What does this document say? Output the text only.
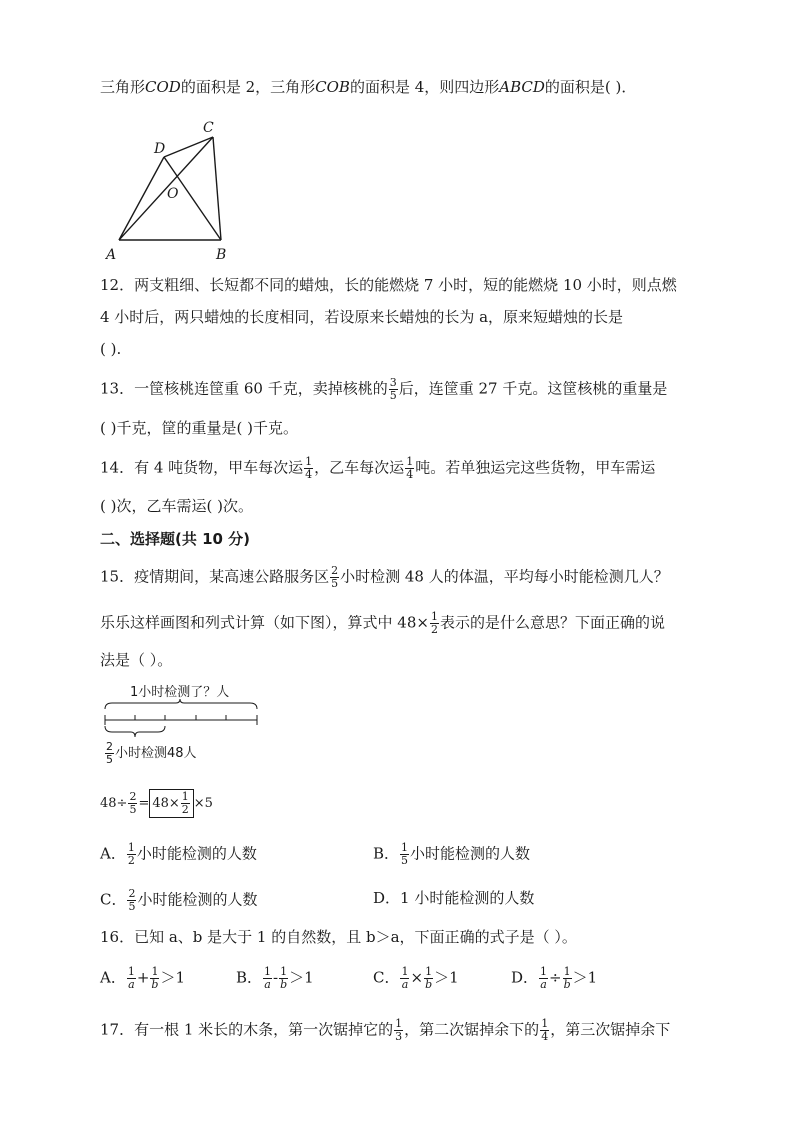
三角形COD的面积是 2，三角形COB的面积是 4，则四边形ABCD的面积是( )．
A	B
C
D
O
12．两支粗细、长短都不同的蜡烛，长的能燃烧 7 小时，短的能燃烧 10 小时，则点燃
4 小时后，两只蜡烛的长度相同，若设原来长蜡烛的长为 a，原来短蜡烛的长是
( ).
13．一筐核桃连筐重 60 千克，卖掉核桃的 $\frac{3}{5}$ 后，连筐重 27 千克。这筐核桃的重量是
( )千克，筐的重量是( )千克。
14．有 4 吨货物，甲车每次运 $\frac{1}{4}$ ，乙车每次运 $\frac{1}{4}$ 吨。若单独运完这些货物，甲车需运
( )次，乙车需运( )次。
二、选择题(共 10 分)
15．疫情期间，某高速公路服务区 $\frac{2}{5}$ 小时检测 48 人的体温，平均每小时能检测几人？
乐乐这样画图和列式计算（如下图），算式中 $48\times \frac{1}{2}$ 表示的是什么意思？下面正确的说
法是（ ）。
1小时检测了？人
$\frac{2}{5}$ 小时检测48人
$48\div \frac{2}{5} = 48\times \frac{1}{2} \times 5$
A． $\frac{1}{2}$ 小时能检测的人数	B． $\frac{1}{5}$ 小时能检测的人数
C． $\frac{2}{5}$ 小时能检测的人数	D．1 小时能检测的人数
16．已知 a、b 是大于 1 的自然数，且 b＞a，下面正确的式子是（ ）。
A． $\frac{1}{a} + \frac{1}{b} >1$	B． $\frac{1}{a} - \frac{1}{b} >1$	C． $\frac{1}{a} \times \frac{1}{b} >1$	D． $\frac{1}{a} \div \frac{1}{b} >1$
17．有一根 1 米长的木条，第一次锯掉它的 $\frac{1}{3}$ ，第二次锯掉余下的 $\frac{1}{4}$ ，第三次锯掉余下
